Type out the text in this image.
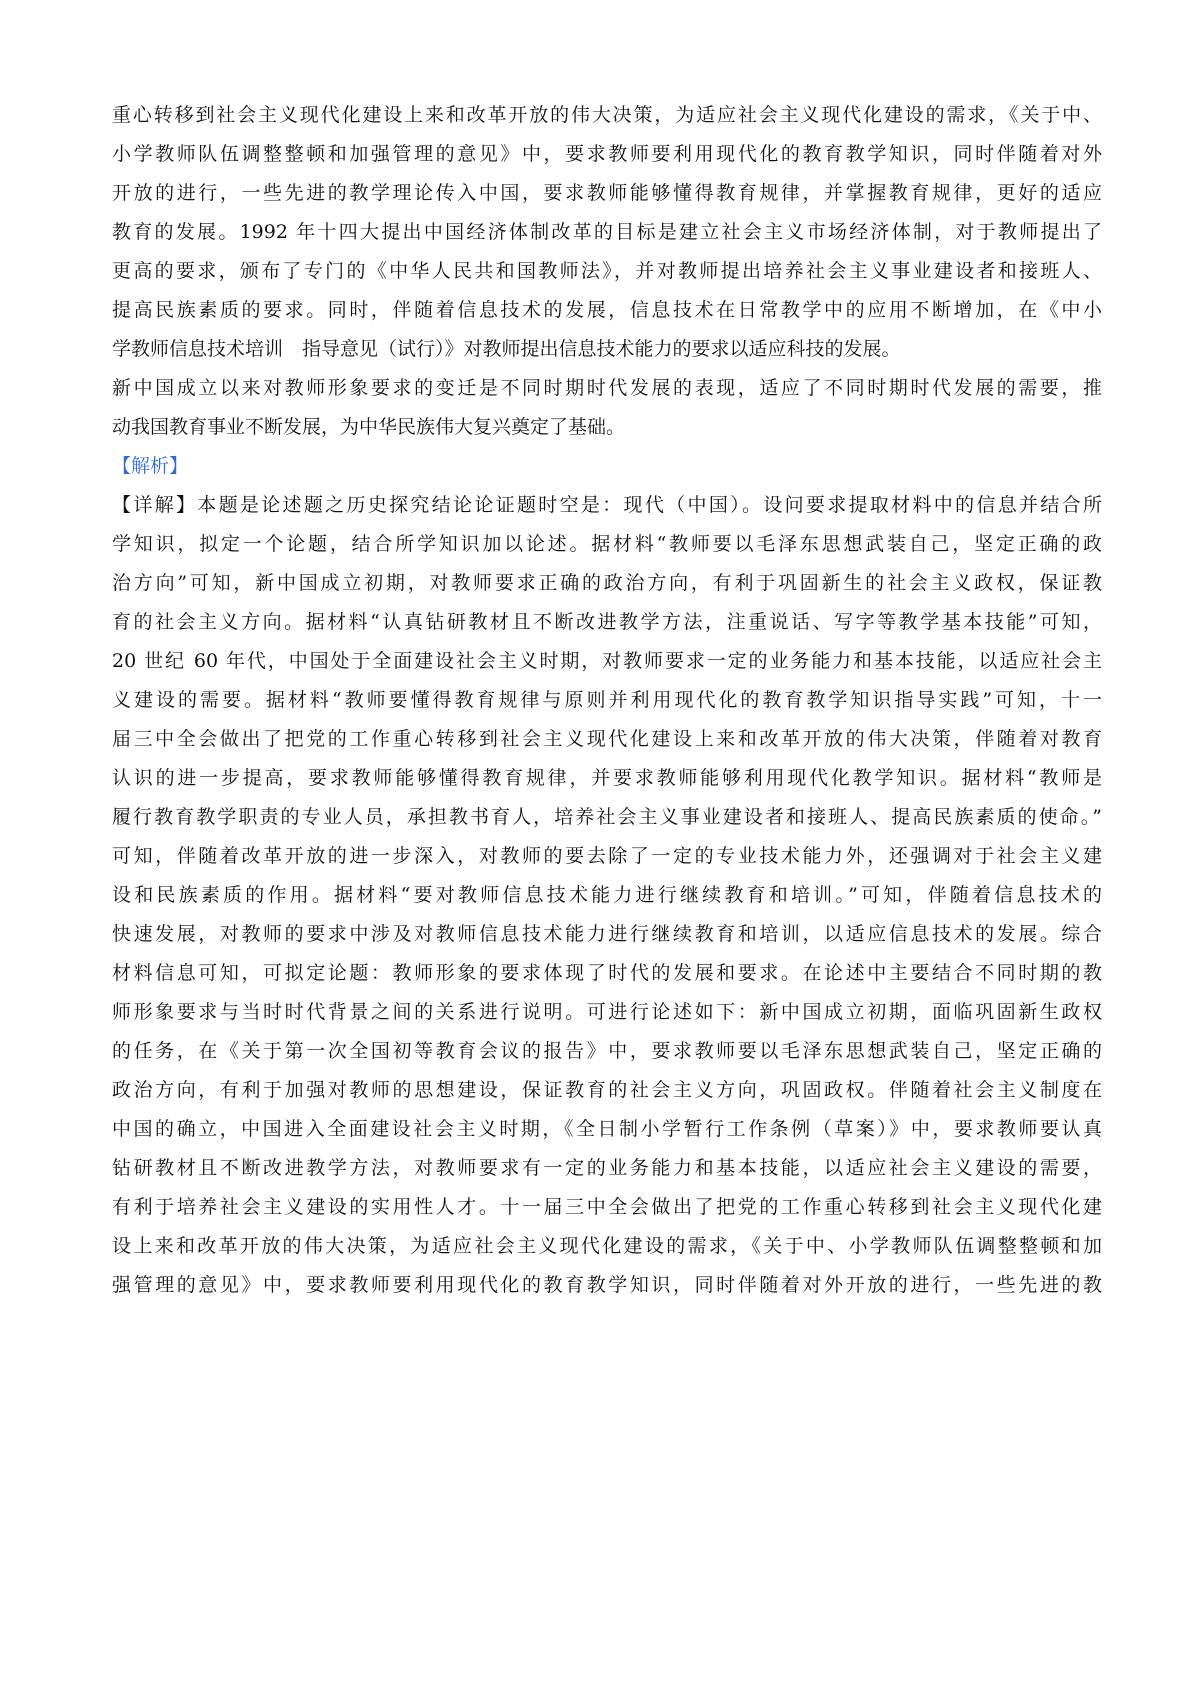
重心转移到社会主义现代化建设上来和改革开放的伟大决策，为适应社会主义现代化建设的需求，《关于中、
小学教师队伍调整整顿和加强管理的意见》中，要求教师要利用现代化的教育教学知识，同时伴随着对外
开放的进行，一些先进的教学理论传入中国，要求教师能够懂得教育规律，并掌握教育规律，更好的适应
教育的发展。1992 年十四大提出中国经济体制改革的目标是建立社会主义市场经济体制，对于教师提出了
更高的要求，颁布了专门的《中华人民共和国教师法》，并对教师提出培养社会主义事业建设者和接班人、
提高民族素质的要求。同时，伴随着信息技术的发展，信息技术在日常教学中的应用不断增加，在《中小
学教师信息技术培训　指导意见（试行）》对教师提出信息技术能力的要求以适应科技的发展。
新中国成立以来对教师形象要求的变迁是不同时期时代发展的表现，适应了不同时期时代发展的需要，推
动我国教育事业不断发展，为中华民族伟大复兴奠定了基础。
【解析】
【详解】本题是论述题之历史探究结论论证题时空是：现代（中国）。设问要求提取材料中的信息并结合所
学知识，拟定一个论题，结合所学知识加以论述。据材料“教师要以毛泽东思想武装自己，坚定正确的政
治方向”可知，新中国成立初期，对教师要求正确的政治方向，有利于巩固新生的社会主义政权，保证教
育的社会主义方向。据材料“认真钻研教材且不断改进教学方法，注重说话、写字等教学基本技能”可知，
20 世纪 60 年代，中国处于全面建设社会主义时期，对教师要求一定的业务能力和基本技能，以适应社会主
义建设的需要。据材料“教师要懂得教育规律与原则并利用现代化的教育教学知识指导实践”可知，十一
届三中全会做出了把党的工作重心转移到社会主义现代化建设上来和改革开放的伟大决策，伴随着对教育
认识的进一步提高，要求教师能够懂得教育规律，并要求教师能够利用现代化教学知识。据材料“教师是
履行教育教学职责的专业人员，承担教书育人，培养社会主义事业建设者和接班人、提高民族素质的使命。”
可知，伴随着改革开放的进一步深入，对教师的要去除了一定的专业技术能力外，还强调对于社会主义建
设和民族素质的作用。据材料“要对教师信息技术能力进行继续教育和培训。”可知，伴随着信息技术的
快速发展，对教师的要求中涉及对教师信息技术能力进行继续教育和培训，以适应信息技术的发展。综合
材料信息可知，可拟定论题：教师形象的要求体现了时代的发展和要求。在论述中主要结合不同时期的教
师形象要求与当时时代背景之间的关系进行说明。可进行论述如下：新中国成立初期，面临巩固新生政权
的任务，在《关于第一次全国初等教育会议的报告》中，要求教师要以毛泽东思想武装自己，坚定正确的
政治方向，有利于加强对教师的思想建设，保证教育的社会主义方向，巩固政权。伴随着社会主义制度在
中国的确立，中国进入全面建设社会主义时期，《全日制小学暂行工作条例（草案）》中，要求教师要认真
钻研教材且不断改进教学方法，对教师要求有一定的业务能力和基本技能，以适应社会主义建设的需要，
有利于培养社会主义建设的实用性人才。十一届三中全会做出了把党的工作重心转移到社会主义现代化建
设上来和改革开放的伟大决策，为适应社会主义现代化建设的需求，《关于中、小学教师队伍调整整顿和加
强管理的意见》中，要求教师要利用现代化的教育教学知识，同时伴随着对外开放的进行，一些先进的教
